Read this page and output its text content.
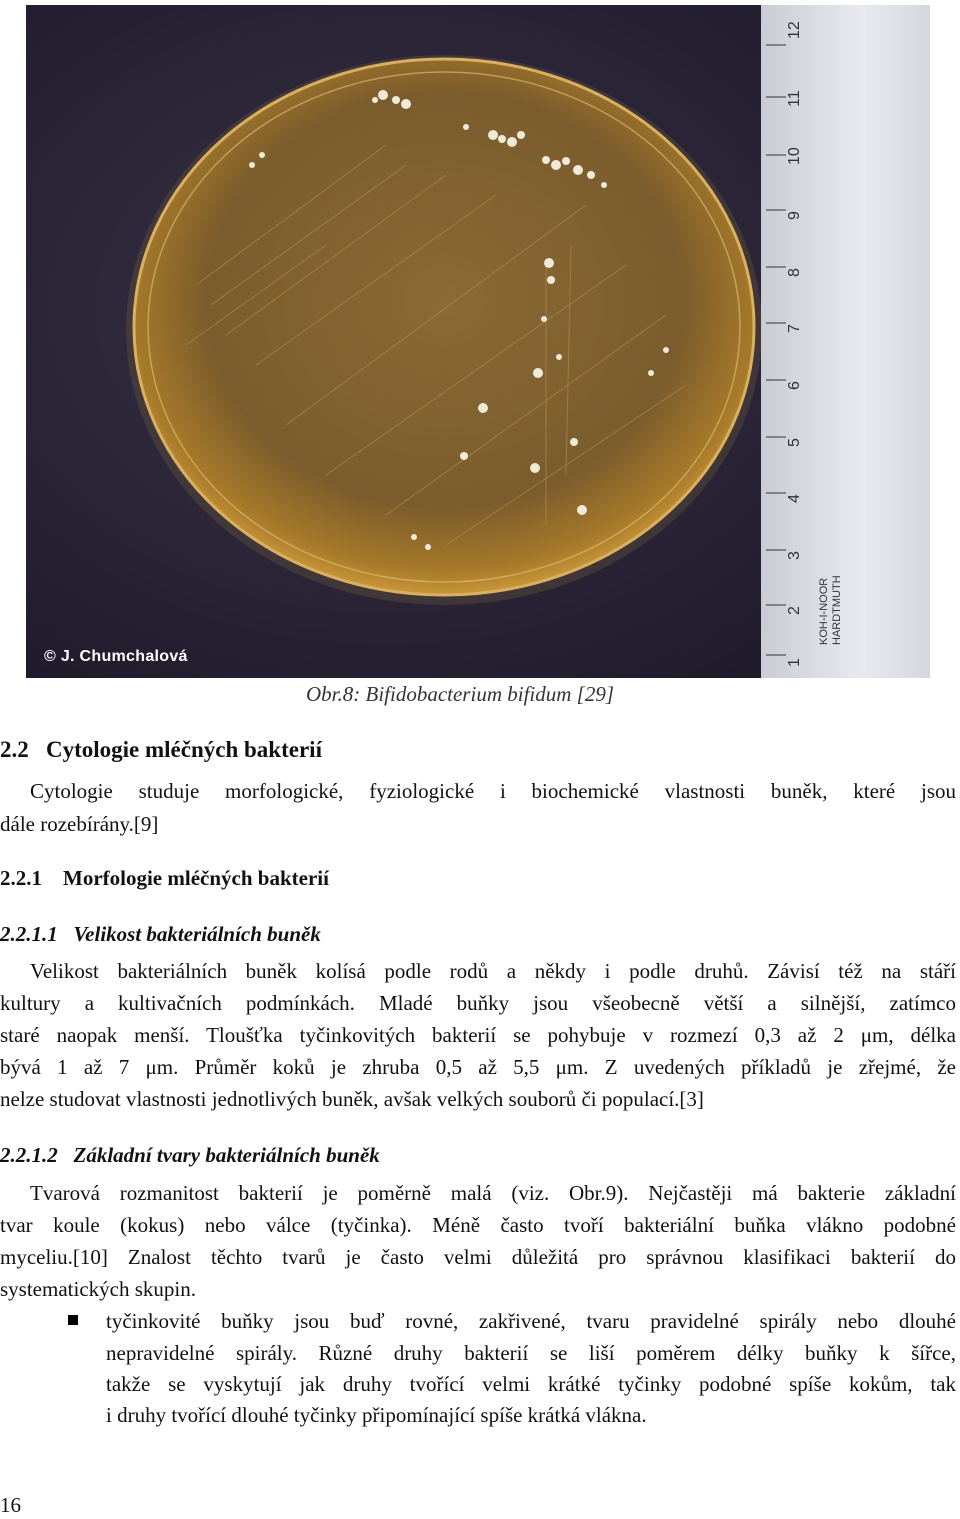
12
11
10
9
8
7
6
5
4
3
2
1
KOH-I-NOOR HARDTMUTH
© J. Chumchalová
Obr.8: Bifidobacterium bifidum [29]
2.2 Cytologie mléčných bakterií
Cytologie studuje morfologické, fyziologické i biochemické vlastnosti buněk, které jsou
dále rozebírány.[9]
2.2.1 Morfologie mléčných bakterií
2.2.1.1 Velikost bakteriálních buněk
Velikost bakteriálních buněk kolísá podle rodů a někdy i podle druhů. Závisí též na stáří
kultury a kultivačních podmínkách. Mladé buňky jsou všeobecně větší a silnější, zatímco
staré naopak menší. Tloušťka tyčinkovitých bakterií se pohybuje v rozmezí 0,3 až 2 μm, délka
bývá 1 až 7 μm. Průměr koků je zhruba 0,5 až 5,5 μm. Z uvedených příkladů je zřejmé, že
nelze studovat vlastnosti jednotlivých buněk, avšak velkých souborů či populací.[3]
2.2.1.2 Základní tvary bakteriálních buněk
Tvarová rozmanitost bakterií je poměrně malá (viz. Obr.9). Nejčastěji má bakterie základní
tvar koule (kokus) nebo válce (tyčinka). Méně často tvoří bakteriální buňka vlákno podobné
myceliu.[10] Znalost těchto tvarů je často velmi důležitá pro správnou klasifikaci bakterií do
systematických skupin.
tyčinkovité buňky jsou buď rovné, zakřivené, tvaru pravidelné spirály nebo dlouhé
nepravidelné spirály. Různé druhy bakterií se liší poměrem délky buňky k šířce,
takže se vyskytují jak druhy tvořící velmi krátké tyčinky podobné spíše kokům, tak
i druhy tvořící dlouhé tyčinky připomínající spíše krátká vlákna.
16
